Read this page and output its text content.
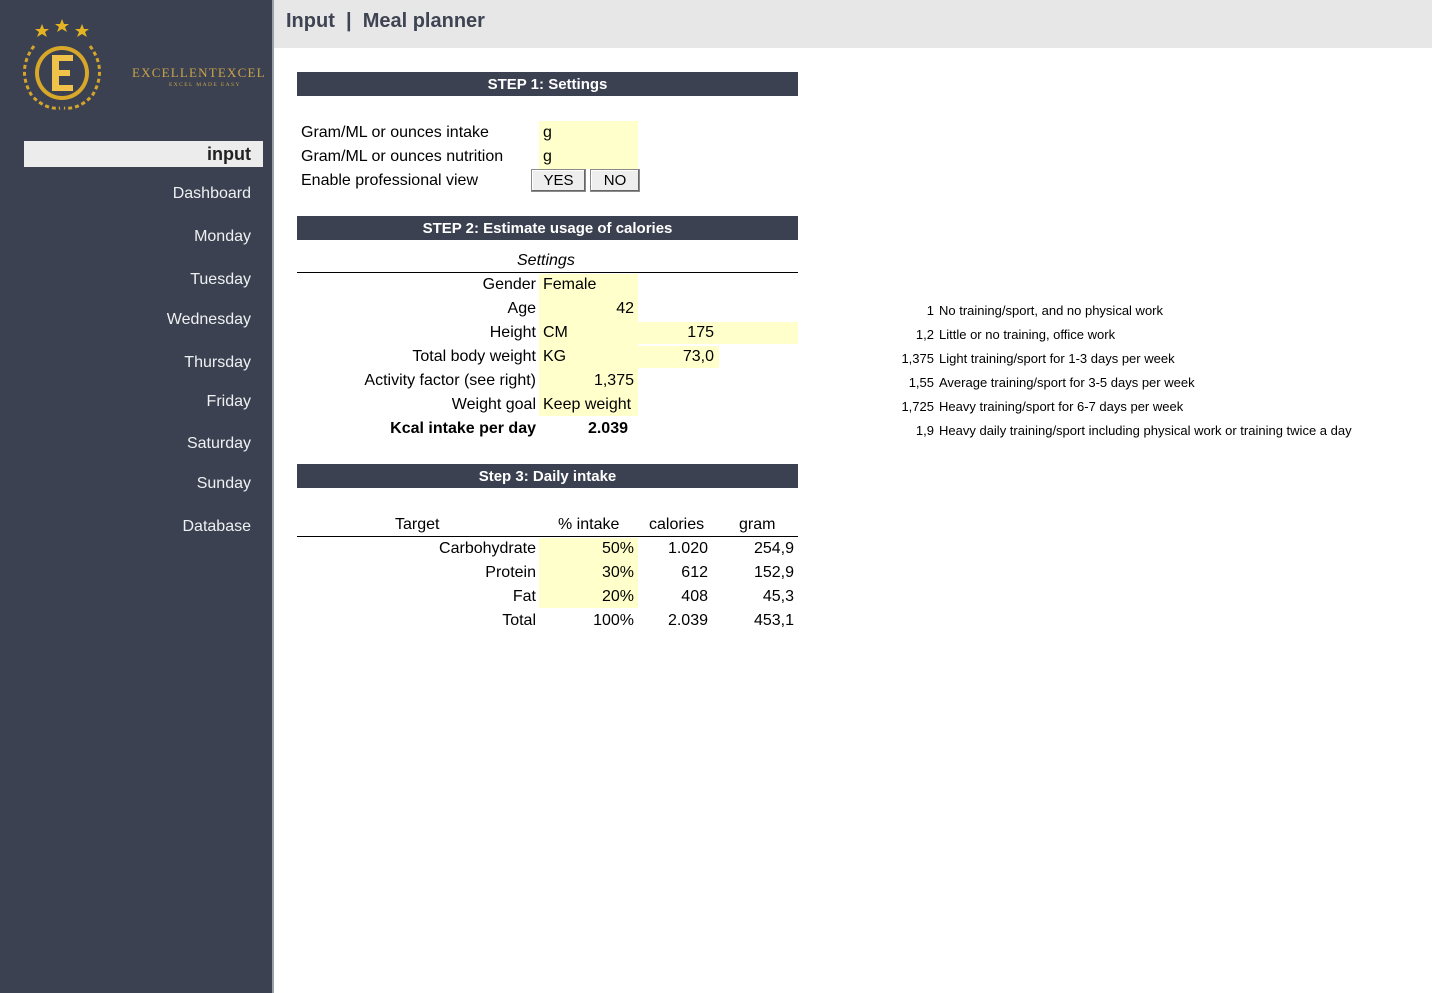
EXCELLENTEXCEL
EXCEL MADE EASY
input
Dashboard
Monday
Tuesday
Wednesday
Thursday
Friday
Saturday
Sunday
Database
Input  |  Meal planner
STEP 1: Settings
Gram/ML or ounces intake	g
Gram/ML or ounces nutrition g
Enable professional view	YES	NO
STEP 2: Estimate usage of calories
Settings
Gender Female
Age	42
Height CM	175
Total body weight KG	73,0
Activity factor (see right)	1,375
Weight goal Keep weight
Kcal intake per day	2.039
1 No training/sport, and no physical work
1,2 Little or no training, office work
1,375 Light training/sport for 1-3 days per week
1,55 Average training/sport for 3-5 days per week
1,725 Heavy training/sport for 6-7 days per week
1,9 Heavy daily training/sport including physical work or training twice a day
Step 3: Daily intake
Target	% intake calories gram
Carbohydrate	50% 1.020	254,9
Protein	30%	612	152,9
Fat	20%	408	45,3
Total	100% 2.039	453,1
